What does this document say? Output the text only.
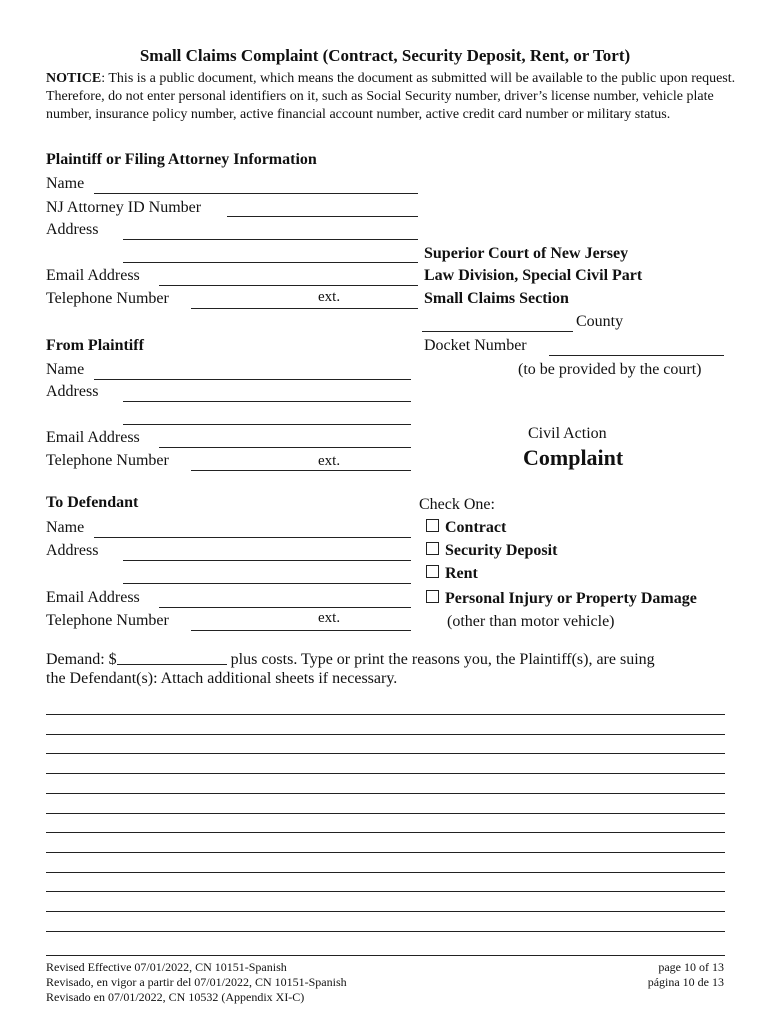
Small Claims Complaint (Contract, Security Deposit, Rent, or Tort)
NOTICE: This is a public document, which means the document as submitted will be available to the public upon request. Therefore, do not enter personal identifiers on it, such as Social Security number, driver’s license number, vehicle plate number, insurance policy number, active financial account number, active credit card number or military status.
Plaintiff or Filing Attorney Information
Name
NJ Attorney ID Number
Address
Email Address
Telephone Number	ext.
Superior Court of New Jersey
Law Division, Special Civil Part
Small Claims Section
County
Docket Number
(to be provided by the court)
From Plaintiff
Name
Address
Email Address
Telephone Number	ext.
Civil Action
Complaint
To Defendant
Name
Address
Email Address
Telephone Number	ext.
Check One:
Contract
Security Deposit
Rent
Personal Injury or Property Damage
(other than motor vehicle)
Demand: $	plus costs. Type or print the reasons you, the Plaintiff(s), are suing
the Defendant(s): Attach additional sheets if necessary.
Revised Effective 07/01/2022, CN 10151-Spanish
Revisado, en vigor a partir del 07/01/2022, CN 10151-Spanish
Revisado en 07/01/2022, CN 10532 (Appendix XI-C)
page 10 of 13
página 10 de 13
